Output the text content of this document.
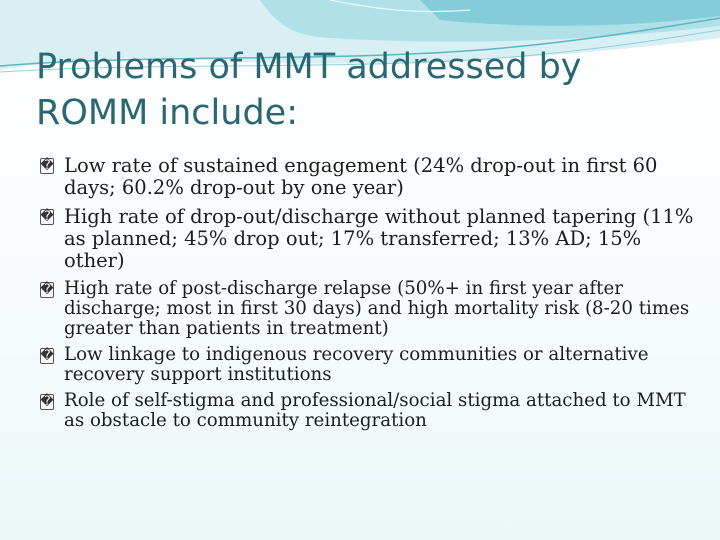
Problems of MMT addressed by ROMM include:
� Low rate of sustained engagement (24% drop-out in first 60 days; 60.2% drop-out by one year)
� High rate of drop-out/discharge without planned tapering (11% as planned; 45% drop out; 17% transferred; 13% AD; 15% other)
� High rate of post-discharge relapse (50%+ in first year after discharge; most in first 30 days) and high mortality risk (8-20 times greater than patients in treatment)
� Low linkage to indigenous recovery communities or alternative recovery support institutions
� Role of self-stigma and professional/social stigma attached to MMT as obstacle to community reintegration
